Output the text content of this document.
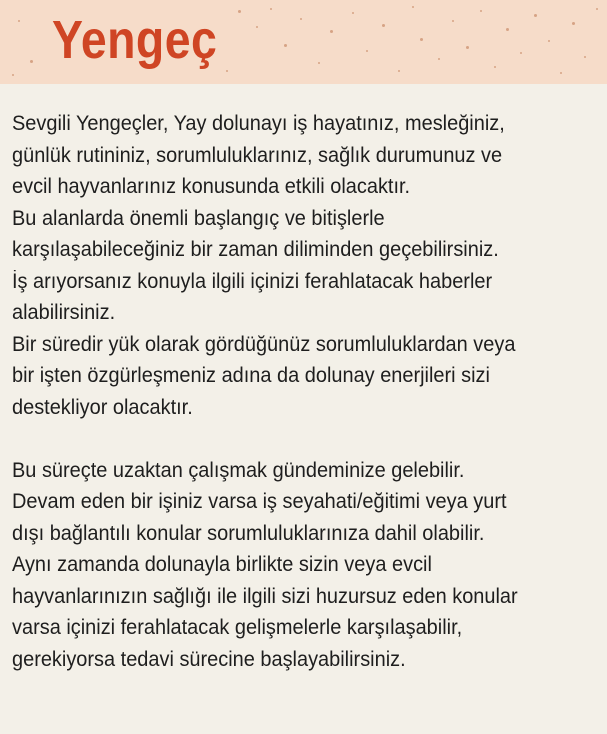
Yengeç
Sevgili Yengeçler, Yay dolunayı iş hayatınız, mesleğiniz,
günlük rutininiz, sorumluluklarınız, sağlık durumunuz ve
evcil hayvanlarınız konusunda etkili olacaktır.
Bu alanlarda önemli başlangıç ve bitişlerle
karşılaşabileceğiniz bir zaman diliminden geçebilirsiniz.
İş arıyorsanız konuyla ilgili içinizi ferahlatacak haberler
alabilirsiniz.
Bir süredir yük olarak gördüğünüz sorumluluklardan veya
bir işten özgürleşmeniz adına da dolunay enerjileri sizi
destekliyor olacaktır.
Bu süreçte uzaktan çalışmak gündeminize gelebilir.
Devam eden bir işiniz varsa iş seyahati/eğitimi veya yurt
dışı bağlantılı konular sorumluluklarınıza dahil olabilir.
Aynı zamanda dolunayla birlikte sizin veya evcil
hayvanlarınızın sağlığı ile ilgili sizi huzursuz eden konular
varsa içinizi ferahlatacak gelişmelerle karşılaşabilir,
gerekiyorsa tedavi sürecine başlayabilirsiniz.
